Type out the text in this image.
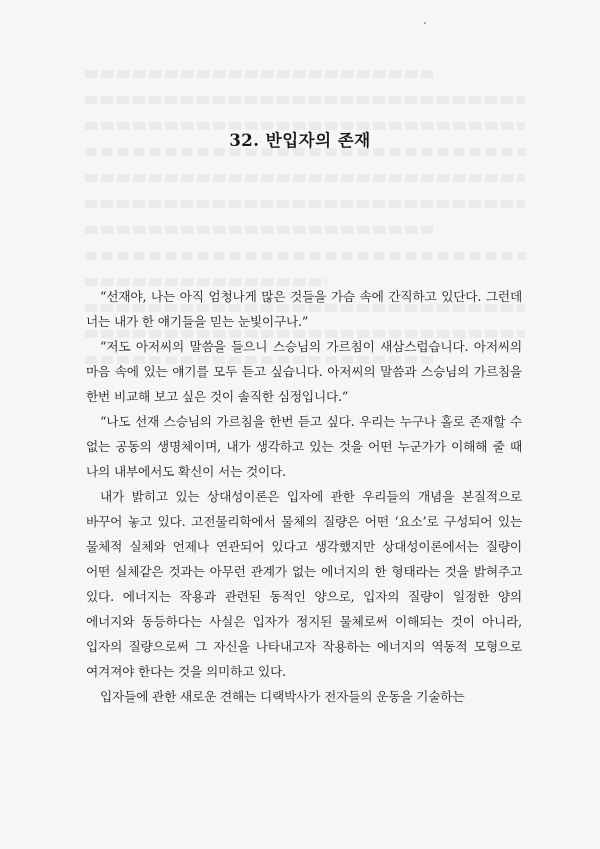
32. 반입자의 존재

“선재야, 나는 아직 엄청나게 많은 것들을 가슴 속에 간직하고 있단다. 그런데 너는 내가 한 얘기들을 믿는 눈빛이구나.”

“저도 아저씨의 말씀을 들으니 스승님의 가르침이 새삼스럽습니다. 아저씨의 마음 속에 있는 얘기를 모두 듣고 싶습니다. 아저씨의 말씀과 스승님의 가르침을 한번 비교해 보고 싶은 것이 솔직한 심정입니다.”

“나도 선재 스승님의 가르침을 한번 듣고 싶다. 우리는 누구나 홀로 존재할 수 없는 공동의 생명체이며, 내가 생각하고 있는 것을 어떤 누군가가 이해해 줄 때 나의 내부에서도 확신이 서는 것이다.

내가 밝히고 있는 상대성이론은 입자에 관한 우리들의 개념을 본질적으로 바꾸어 놓고 있다. 고전물리학에서 물체의 질량은 어떤 ‘요소’로 구성되어 있는 물체적 실체와 언제나 연관되어 있다고 생각했지만 상대성이론에서는 질량이 어떤 실체같은 것과는 아무런 관계가 없는 에너지의 한 형태라는 것을 밝혀주고 있다. 에너지는 작용과 관련된 동적인 양으로, 입자의 질량이 일정한 양의 에너지와 동등하다는 사실은 입자가 정지된 물체로써 이해되는 것이 아니라, 입자의 질량으로써 그 자신을 나타내고자 작용하는 에너지의 역동적 모형으로 여겨져야 한다는 것을 의미하고 있다.

입자들에 관한 새로운 견해는 디랙박사가 전자들의 운동을 기술하는
